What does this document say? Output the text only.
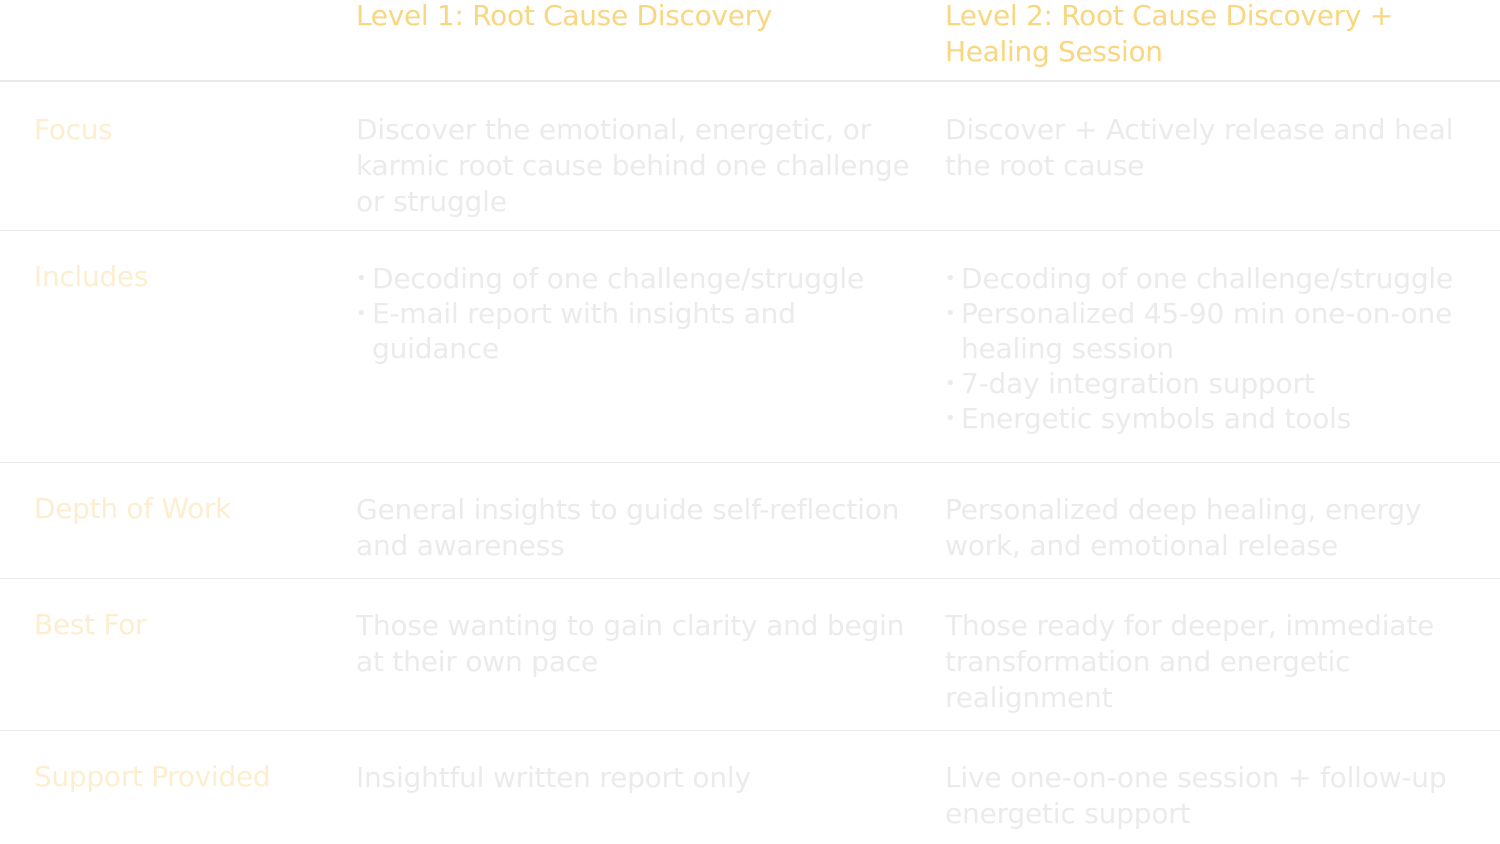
Level 1: Root Cause Discovery	Level 2: Root Cause Discovery + Healing Session
Focus	Discover the emotional, energetic, or karmic root cause behind one challenge or struggle
Discover + Actively release and heal the root cause
Includes
•	Decoding of one challenge/struggle
• E-mail report with insights and guidance
• Decoding of one challenge/struggle
• Personalized 45-90 min one-on-one healing session
• 7-day integration support
• Energetic symbols and tools
Depth of Work	General insights to guide self-reflection and awareness
Personalized deep healing, energy work, and emotional release
Best For	Those wanting to gain clarity and begin at their own pace
Those ready for deeper, immediate transformation and energetic realignment
Support Provided	Insightful written report only	Live one-on-one session + follow-up energetic support
